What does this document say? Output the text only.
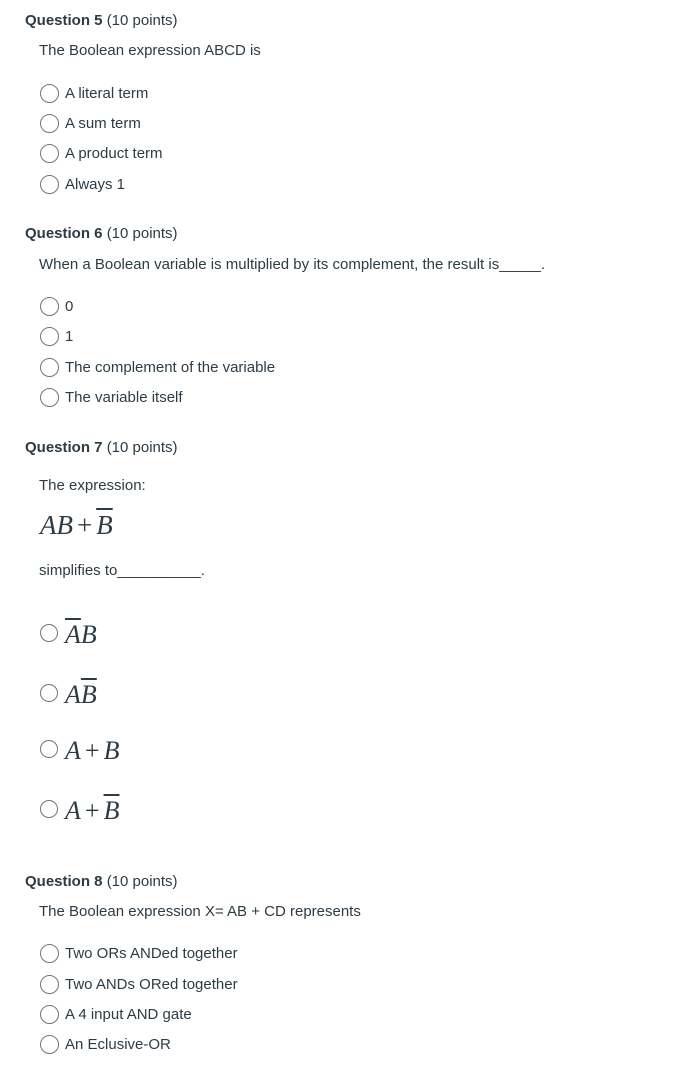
Question 5 (10 points)
The Boolean expression ABCD is
A literal term
A sum term
A product term
Always 1
Question 6 (10 points)
When a Boolean variable is multiplied by its complement, the result is_____.
0
1
The complement of the variable
The variable itself
Question 7 (10 points)
The expression:
AB + $\overline{B}$
simplifies to__________.
$\overline{A}B$
$A\overline{B}$
A + B
$A + \overline{B}$
Question 8 (10 points)
The Boolean expression X= AB + CD represents
Two ORs ANDed together
Two ANDs ORed together
A 4 input AND gate
An Eclusive-OR
